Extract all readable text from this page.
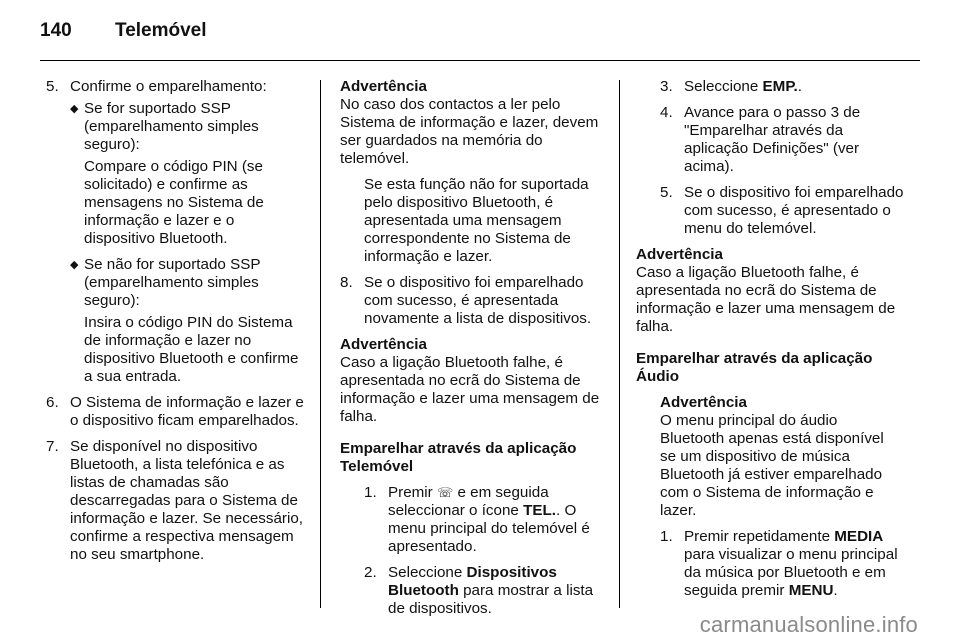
140 Telemóvel
5. Confirme o emparelhamento:

◆ Se for suportado SSP (emparelhamento simples seguro):

Compare o código PIN (se solicitado) e confirme as mensagens no Sistema de informação e lazer e o dispositivo Bluetooth.

◆ Se não for suportado SSP (emparelhamento simples seguro):

Insira o código PIN do Sistema de informação e lazer no dispositivo Bluetooth e confirme a sua entrada.

6. O Sistema de informação e lazer e o dispositivo ficam emparelhados.

7. Se disponível no dispositivo Bluetooth, a lista telefónica e as listas de chamadas são descarregadas para o Sistema de informação e lazer. Se necessário, confirme a respectiva mensagem no seu smartphone.

Advertência

No caso dos contactos a ler pelo Sistema de informação e lazer, devem ser guardados na memória do telemóvel.

Se esta função não for suportada pelo dispositivo Bluetooth, é apresentada uma mensagem correspondente no Sistema de informação e lazer.

8. Se o dispositivo foi emparelhado com sucesso, é apresentada novamente a lista de dispositivos.

Advertência

Caso a ligação Bluetooth falhe, é apresentada no ecrã do Sistema de informação e lazer uma mensagem de falha.

Emparelhar através da aplicação Telemóvel

1. Premir ☏ e em seguida seleccionar o ícone TEL.. O menu principal do telemóvel é apresentado.

2. Seleccione Dispositivos Bluetooth para mostrar a lista de dispositivos.

3. Seleccione EMP..

4. Avance para o passo 3 de "Emparelhar através da aplicação Definições" (ver acima).

5. Se o dispositivo foi emparelhado com sucesso, é apresentado o menu do telemóvel.

Advertência

Caso a ligação Bluetooth falhe, é apresentada no ecrã do Sistema de informação e lazer uma mensagem de falha.

Emparelhar através da aplicação Áudio

Advertência

O menu principal do áudio Bluetooth apenas está disponível se um dispositivo de música Bluetooth já estiver emparelhado com o Sistema de informação e lazer.

1. Premir repetidamente MEDIA para visualizar o menu principal da música por Bluetooth e em seguida premir MENU.

carmanualsonline.info
